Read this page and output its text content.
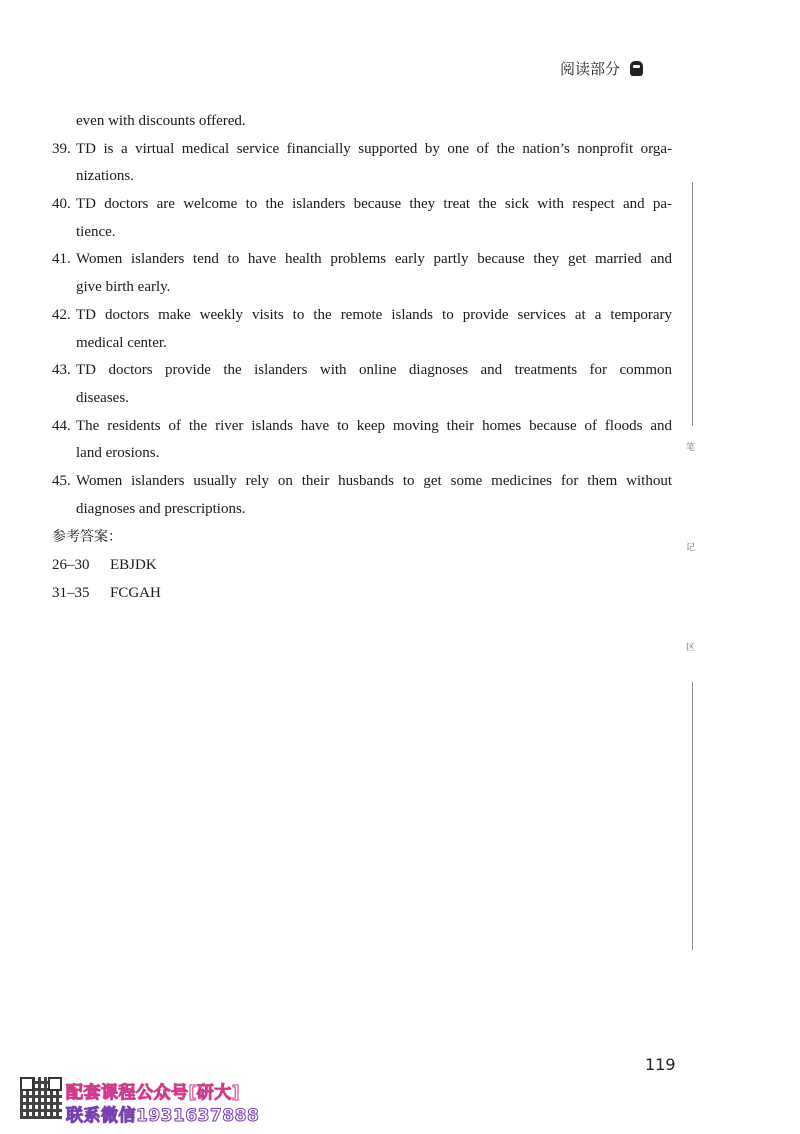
阅读部分
even with discounts offered.
39. TD is a virtual medical service financially supported by one of the nation’s nonprofit orga-
nizations.
40. TD doctors are welcome to the islanders because they treat the sick with respect and pa-
tience.
41. Women islanders tend to have health problems early partly because they get married and
give birth early.
42. TD doctors make weekly visits to the remote islands to provide services at a temporary
medical center.
43. TD doctors provide the islanders with online diagnoses and treatments for common
diseases.
44. The residents of the river islands have to keep moving their homes because of floods and
land erosions.
45. Women islanders usually rely on their husbands to get some medicines for them without
diagnoses and prescriptions.
参考答案：
26–30 EBJDK
31–35 FCGAH
笔
记
区
119
配套课程公众号[研大]
联系微信1931637888
